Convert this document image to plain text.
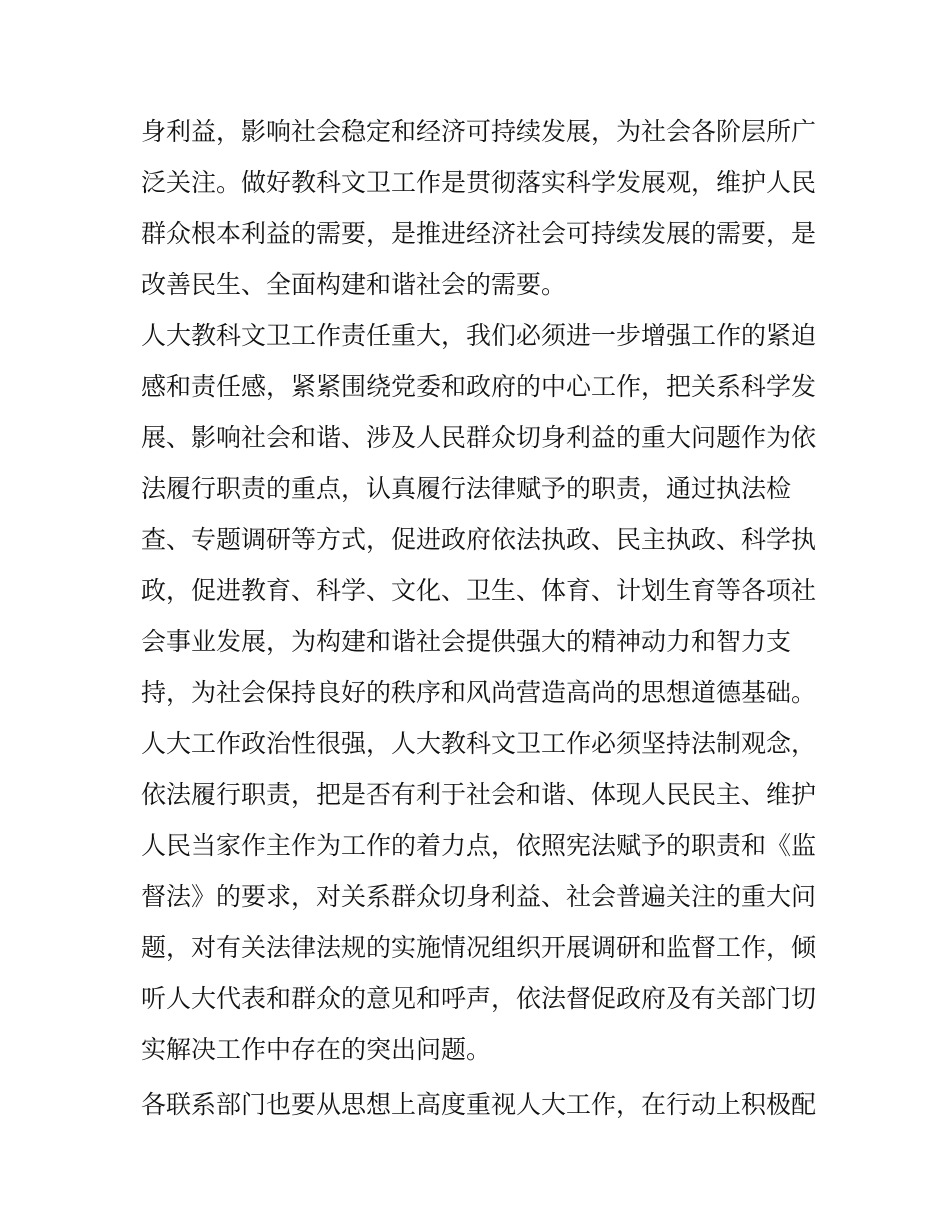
身利益，影响社会稳定和经济可持续发展，为社会各阶层所广
泛关注。做好教科文卫工作是贯彻落实科学发展观，维护人民
群众根本利益的需要，是推进经济社会可持续发展的需要，是
改善民生、全面构建和谐社会的需要。
人大教科文卫工作责任重大，我们必须进一步增强工作的紧迫
感和责任感，紧紧围绕党委和政府的中心工作，把关系科学发
展、影响社会和谐、涉及人民群众切身利益的重大问题作为依
法履行职责的重点，认真履行法律赋予的职责，通过执法检
查、专题调研等方式，促进政府依法执政、民主执政、科学执
政，促进教育、科学、文化、卫生、体育、计划生育等各项社
会事业发展，为构建和谐社会提供强大的精神动力和智力支
持，为社会保持良好的秩序和风尚营造高尚的思想道德基础。
人大工作政治性很强，人大教科文卫工作必须坚持法制观念，
依法履行职责，把是否有利于社会和谐、体现人民民主、维护
人民当家作主作为工作的着力点，依照宪法赋予的职责和《监
督法》的要求，对关系群众切身利益、社会普遍关注的重大问
题，对有关法律法规的实施情况组织开展调研和监督工作，倾
听人大代表和群众的意见和呼声，依法督促政府及有关部门切
实解决工作中存在的突出问题。
各联系部门也要从思想上高度重视人大工作，在行动上积极配
